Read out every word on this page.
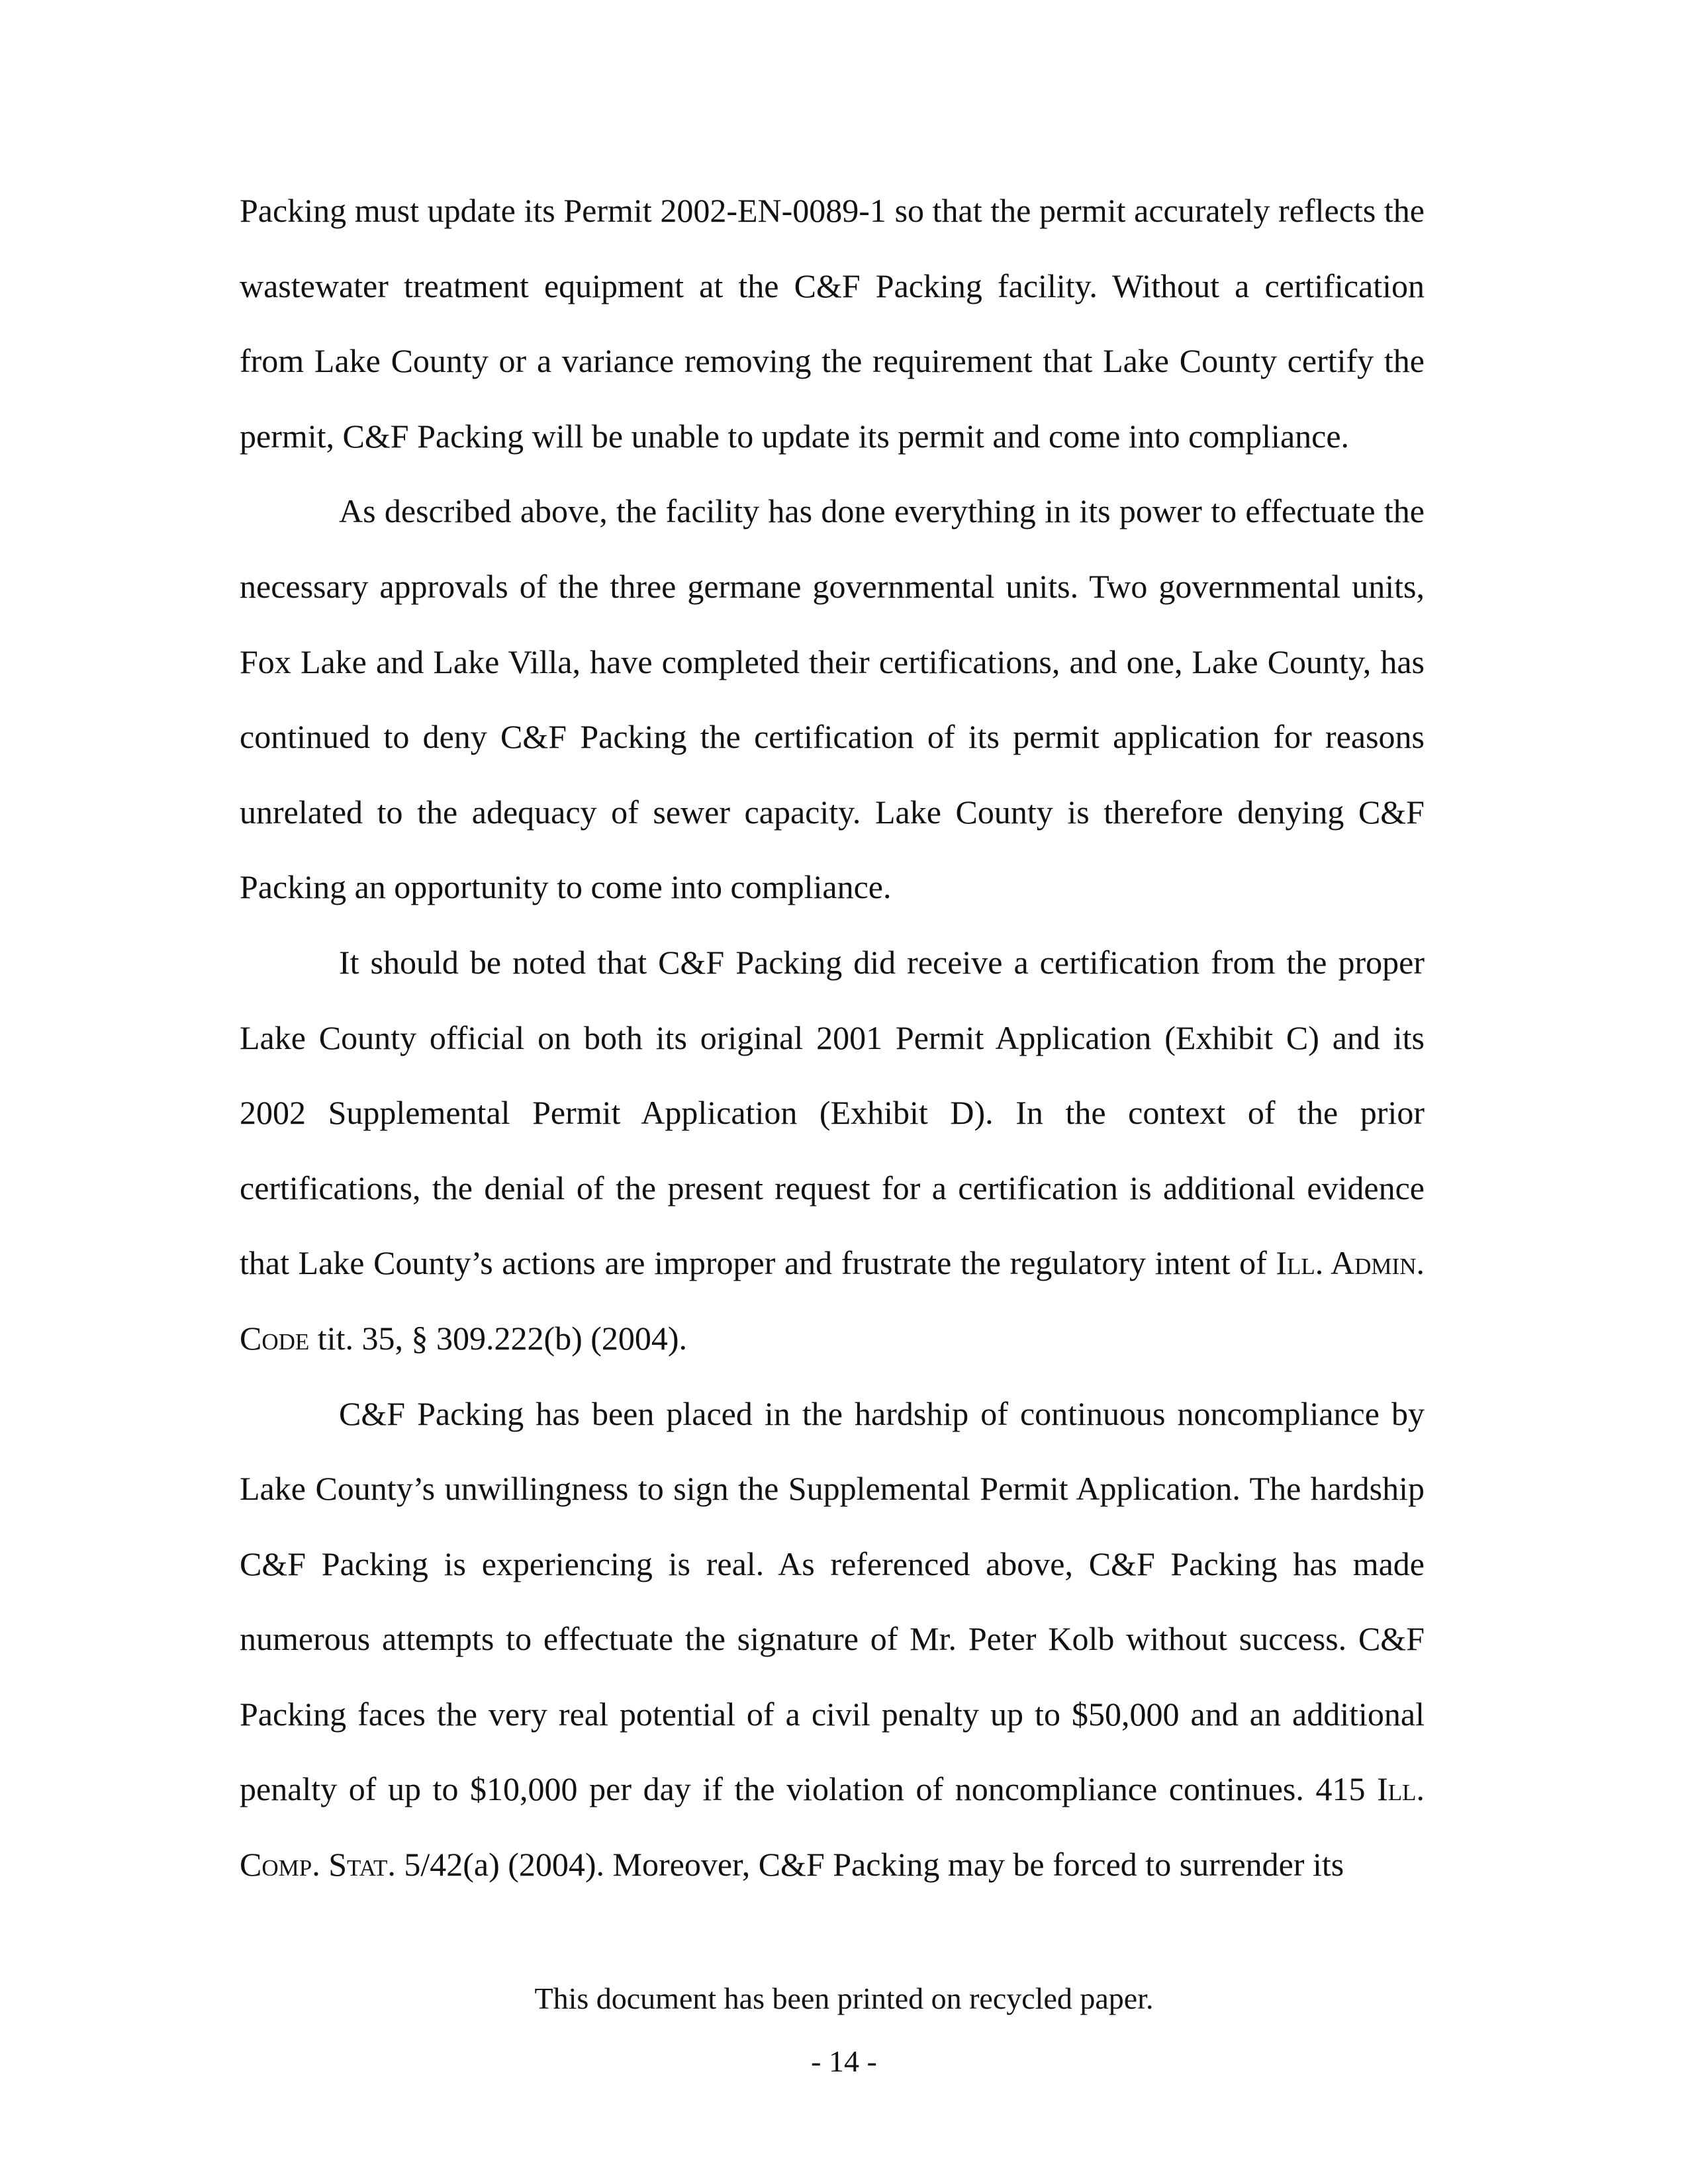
Packing must update its Permit 2002-EN-0089-1 so that the permit accurately reflects the wastewater treatment equipment at the C&F Packing facility. Without a certification from Lake County or a variance removing the requirement that Lake County certify the permit, C&F Packing will be unable to update its permit and come into compliance.

As described above, the facility has done everything in its power to effectuate the necessary approvals of the three germane governmental units. Two governmental units, Fox Lake and Lake Villa, have completed their certifications, and one, Lake County, has continued to deny C&F Packing the certification of its permit application for reasons unrelated to the adequacy of sewer capacity. Lake County is therefore denying C&F Packing an opportunity to come into compliance.

It should be noted that C&F Packing did receive a certification from the proper Lake County official on both its original 2001 Permit Application (Exhibit C) and its 2002 Supplemental Permit Application (Exhibit D). In the context of the prior certifications, the denial of the present request for a certification is additional evidence that Lake County’s actions are improper and frustrate the regulatory intent of Ill. Admin. Code tit. 35, § 309.222(b) (2004).

C&F Packing has been placed in the hardship of continuous noncompliance by Lake County’s unwillingness to sign the Supplemental Permit Application. The hardship C&F Packing is experiencing is real. As referenced above, C&F Packing has made numerous attempts to effectuate the signature of Mr. Peter Kolb without success. C&F Packing faces the very real potential of a civil penalty up to $50,000 and an additional penalty of up to $10,000 per day if the violation of noncompliance continues. 415 Ill. Comp. Stat. 5/42(a) (2004). Moreover, C&F Packing may be forced to surrender its

This document has been printed on recycled paper.
- 14 -
